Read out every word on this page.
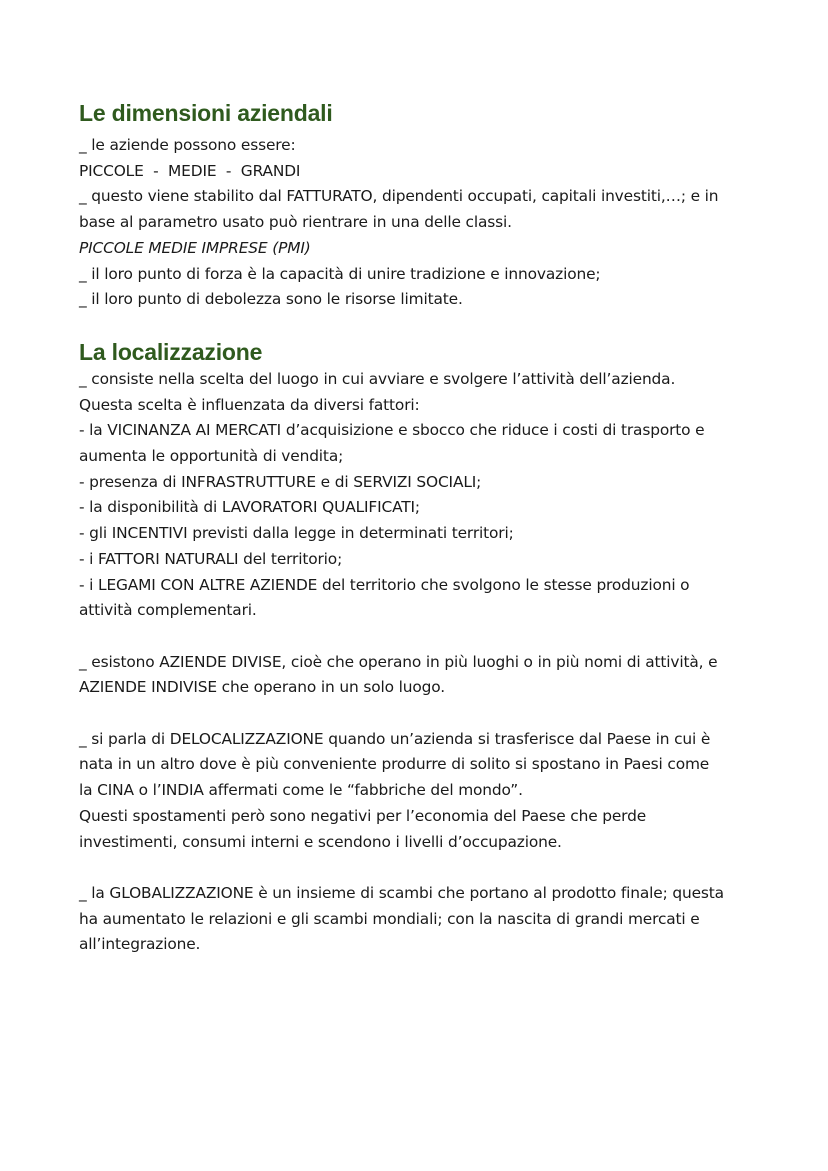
Le dimensioni aziendali

_ le aziende possono essere:

PICCOLE  -  MEDIE  -  GRANDI

_ questo viene stabilito dal FATTURATO, dipendenti occupati, capitali investiti,…; e in

base al parametro usato può rientrare in una delle classi.

PICCOLE MEDIE IMPRESE (PMI)

_ il loro punto di forza è la capacità di unire tradizione e innovazione;

_ il loro punto di debolezza sono le risorse limitate.

La localizzazione

_ consiste nella scelta del luogo in cui avviare e svolgere l’attività dell’azienda.

Questa scelta è influenzata da diversi fattori:

- la VICINANZA AI MERCATI d’acquisizione e sbocco che riduce i costi di trasporto e

aumenta le opportunità di vendita;

- presenza di INFRASTRUTTURE e di SERVIZI SOCIALI;

- la disponibilità di LAVORATORI QUALIFICATI;

- gli INCENTIVI previsti dalla legge in determinati territori;

- i FATTORI NATURALI del territorio;

- i LEGAMI CON ALTRE AZIENDE del territorio che svolgono le stesse produzioni o

attività complementari.

_ esistono AZIENDE DIVISE, cioè che operano in più luoghi o in più nomi di attività, e

AZIENDE INDIVISE che operano in un solo luogo.

_ si parla di DELOCALIZZAZIONE quando un’azienda si trasferisce dal Paese in cui è

nata in un altro dove è più conveniente produrre di solito si spostano in Paesi come

la CINA o l’INDIA affermati come le “fabbriche del mondo”.

Questi spostamenti però sono negativi per l’economia del Paese che perde

investimenti, consumi interni e scendono i livelli d’occupazione.

_ la GLOBALIZZAZIONE è un insieme di scambi che portano al prodotto finale; questa

ha aumentato le relazioni e gli scambi mondiali; con la nascita di grandi mercati e

all’integrazione.
